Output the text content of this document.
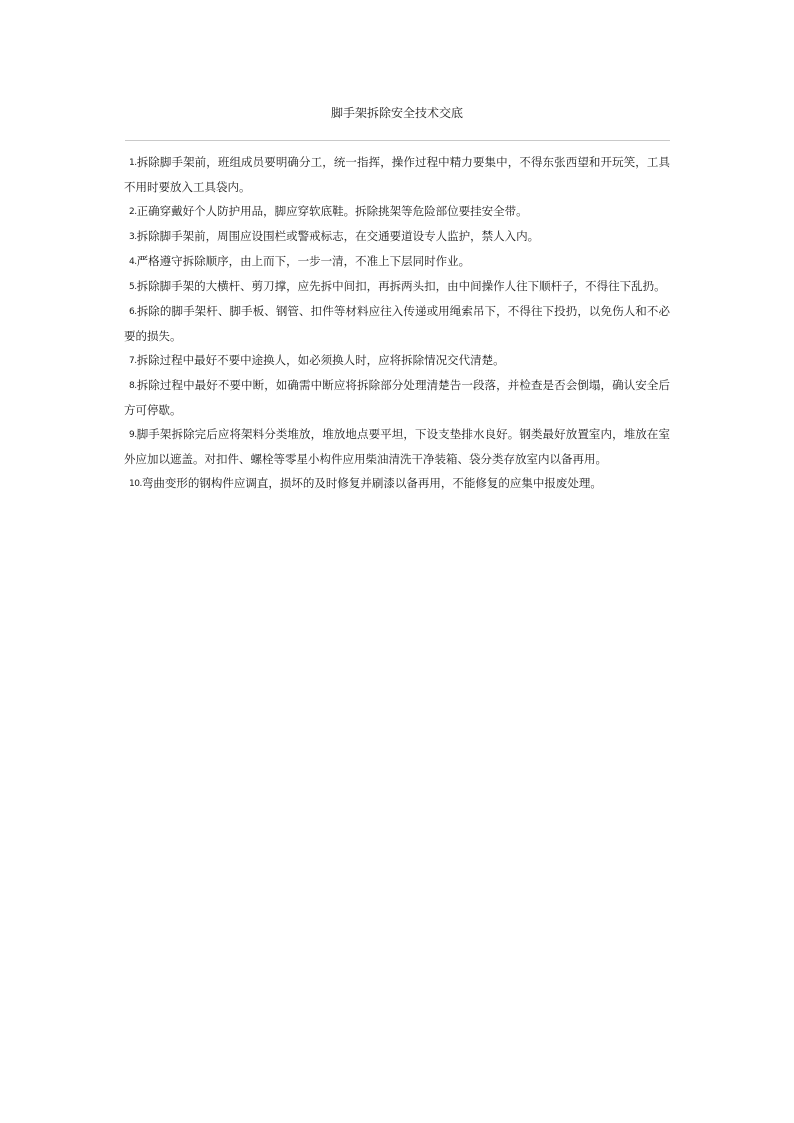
脚手架拆除安全技术交底
1.拆除脚手架前，班组成员要明确分工，统一指挥，操作过程中精力要集中，不得东张西望和开玩笑，工具不用时要放入工具袋内。
2.正确穿戴好个人防护用品，脚应穿软底鞋。拆除挑架等危险部位要挂安全带。
3.拆除脚手架前，周围应设围栏或警戒标志，在交通要道设专人监护，禁人入内。
4.严格遵守拆除顺序，由上而下，一步一清，不准上下层同时作业。
5.拆除脚手架的大横杆、剪刀撑，应先拆中间扣，再拆两头扣，由中间操作人往下顺杆子，不得往下乱扔。
6.拆除的脚手架杆、脚手板、钢管、扣件等材料应往入传递或用绳索吊下，不得往下投扔，以免伤人和不必要的损失。
7.拆除过程中最好不要中途换人，如必须换人时，应将拆除情况交代清楚。
8.拆除过程中最好不要中断，如确需中断应将拆除部分处理清楚告一段落，并检查是否会倒塌，确认安全后方可停歇。
9.脚手架拆除完后应将架料分类堆放，堆放地点要平坦，下设支垫排水良好。钢类最好放置室内，堆放在室外应加以遮盖。对扣件、螺栓等零星小构件应用柴油清洗干净装箱、袋分类存放室内以备再用。
10.弯曲变形的钢构件应调直，损坏的及时修复并刷漆以备再用，不能修复的应集中报废处理。
